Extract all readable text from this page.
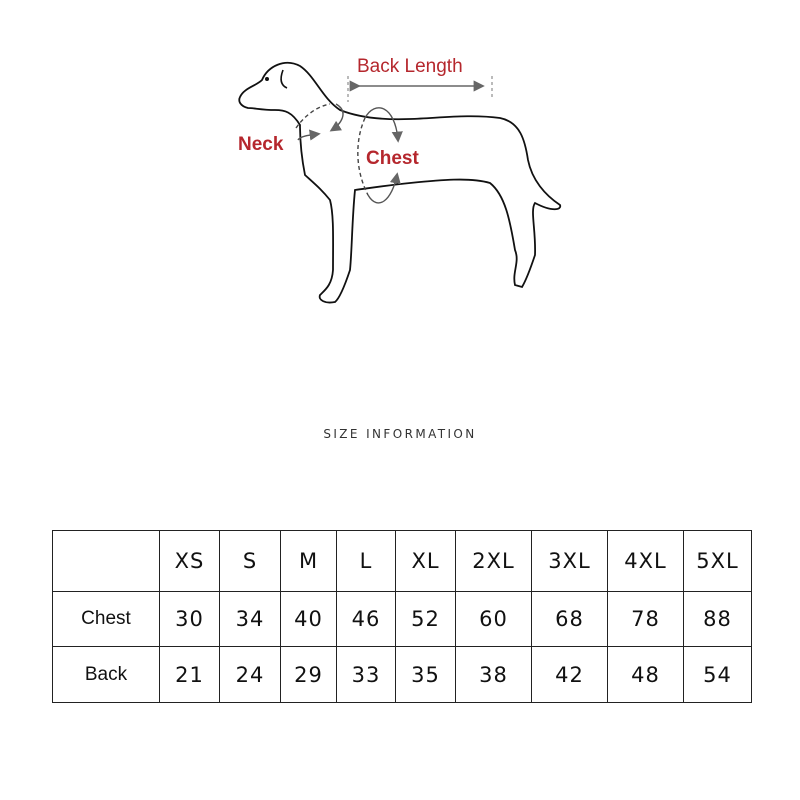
Back Length
Neck
Chest
SIZE INFORMATION
	XS	S	M	L	XL	2XL	3XL	4XL	5XL
Chest	30	34	40	46	52	60	68	78	88
Back	21	24	29	33	35	38	42	48	54
